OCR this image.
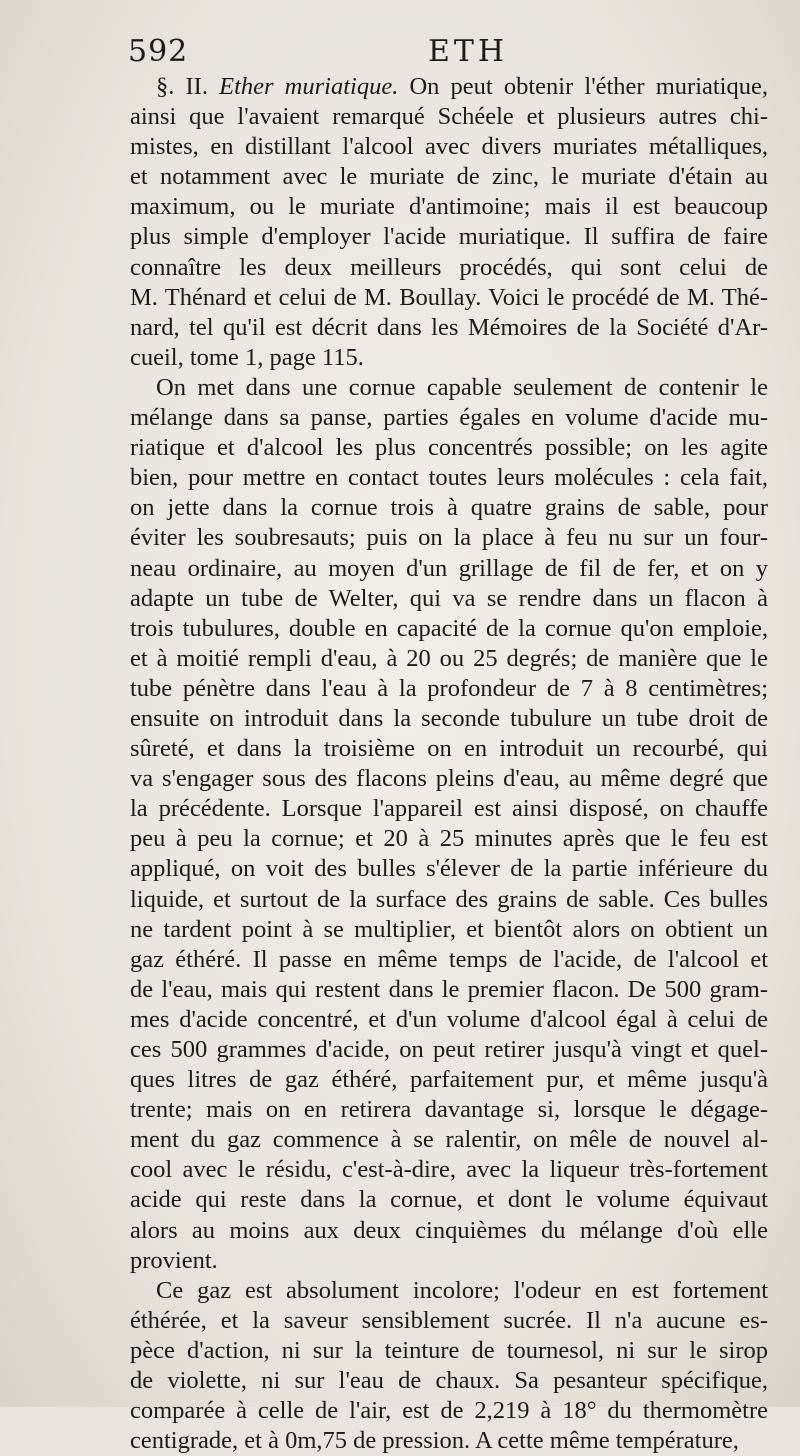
592	ETH
§. II. Ether muriatique. On peut obtenir l'éther muriatique,
ainsi que l'avaient remarqué Schéele et plusieurs autres chi-
mistes, en distillant l'alcool avec divers muriates métalliques,
et notamment avec le muriate de zinc, le muriate d'étain au
maximum, ou le muriate d'antimoine; mais il est beaucoup
plus simple d'employer l'acide muriatique. Il suffira de faire
connaître les deux meilleurs procédés, qui sont celui de
M. Thénard et celui de M. Boullay. Voici le procédé de M. Thé-
nard, tel qu'il est décrit dans les Mémoires de la Société d'Ar-
cueil, tome 1, page 115.
On met dans une cornue capable seulement de contenir le
mélange dans sa panse, parties égales en volume d'acide mu-
riatique et d'alcool les plus concentrés possible; on les agite
bien, pour mettre en contact toutes leurs molécules : cela fait,
on jette dans la cornue trois à quatre grains de sable, pour
éviter les soubresauts; puis on la place à feu nu sur un four-
neau ordinaire, au moyen d'un grillage de fil de fer, et on y
adapte un tube de Welter, qui va se rendre dans un flacon à
trois tubulures, double en capacité de la cornue qu'on emploie,
et à moitié rempli d'eau, à 20 ou 25 degrés; de manière que le
tube pénètre dans l'eau à la profondeur de 7 à 8 centimètres;
ensuite on introduit dans la seconde tubulure un tube droit de
sûreté, et dans la troisième on en introduit un recourbé, qui
va s'engager sous des flacons pleins d'eau, au même degré que
la précédente. Lorsque l'appareil est ainsi disposé, on chauffe
peu à peu la cornue; et 20 à 25 minutes après que le feu est
appliqué, on voit des bulles s'élever de la partie inférieure du
liquide, et surtout de la surface des grains de sable. Ces bulles
ne tardent point à se multiplier, et bientôt alors on obtient un
gaz éthéré. Il passe en même temps de l'acide, de l'alcool et
de l'eau, mais qui restent dans le premier flacon. De 500 gram-
mes d'acide concentré, et d'un volume d'alcool égal à celui de
ces 500 grammes d'acide, on peut retirer jusqu'à vingt et quel-
ques litres de gaz éthéré, parfaitement pur, et même jusqu'à
trente; mais on en retirera davantage si, lorsque le dégage-
ment du gaz commence à se ralentir, on mêle de nouvel al-
cool avec le résidu, c'est-à-dire, avec la liqueur très-fortement
acide qui reste dans la cornue, et dont le volume équivaut
alors au moins aux deux cinquièmes du mélange d'où elle
provient.
Ce gaz est absolument incolore; l'odeur en est fortement
éthérée, et la saveur sensiblement sucrée. Il n'a aucune es-
pèce d'action, ni sur la teinture de tournesol, ni sur le sirop
de violette, ni sur l'eau de chaux. Sa pesanteur spécifique,
comparée à celle de l'air, est de 2,219 à 18° du thermomètre
centigrade, et à 0m,75 de pression. A cette même température,
